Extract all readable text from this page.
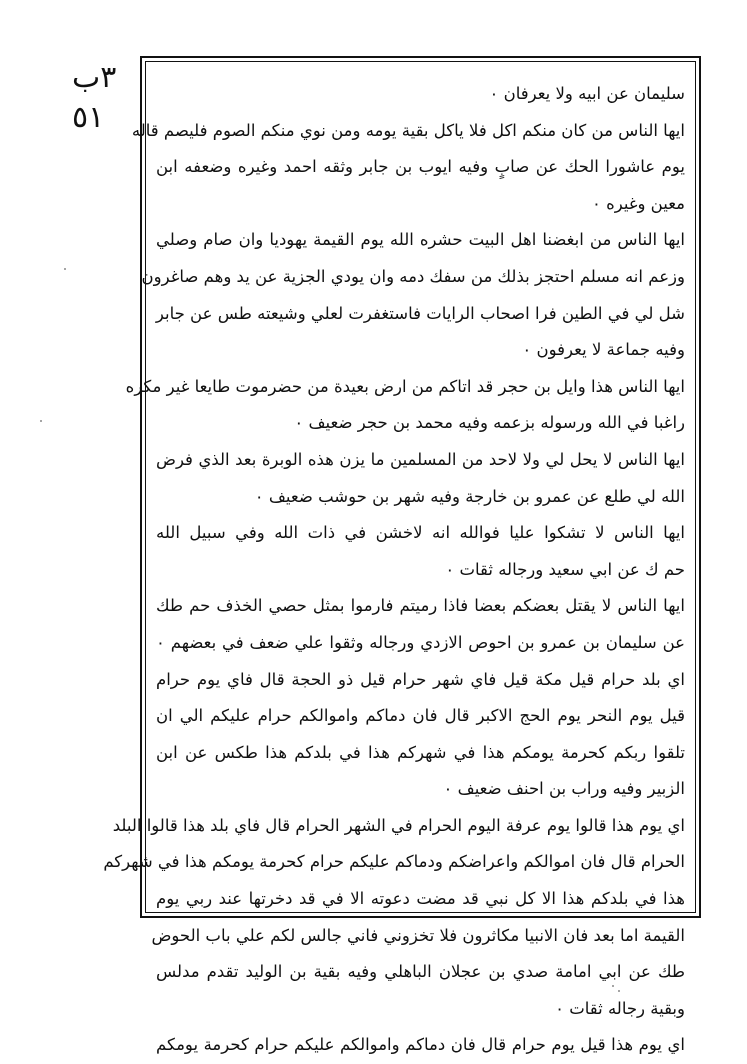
٣ب ٥١
سليمان عن ابيه ولا يعرفان ٠
ايها الناس من كان منكم اكل فلا ياكل بقية يومه ومن نوي منكم الصوم فليصم قاله
يوم عاشورا الحك عن صابٍ وفيه ايوب بن جابر وثقه احمد وغيره وضعفه ابن
معين وغيره ٠
ايها الناس من ابغضنا اهل البيت حشره الله يوم القيمة يهوديا وان صام وصلي
وزعم انه مسلم احتجز بذلك من سفك دمه وان يودي الجزية عن يد وهم صاغرون
شل لي في الطين فرا اصحاب الرايات فاستغفرت لعلي وشيعته طس عن جابر
وفيه جماعة لا يعرفون ٠
ايها الناس هذا وايل بن حجر قد اتاكم من ارض بعيدة من حضرموت طايعا غير مكره
راغبا في الله ورسوله بزعمه وفيه محمد بن حجر ضعيف ٠
ايها الناس لا يحل لي ولا لاحد من المسلمين ما يزن هذه الوبرة بعد الذي فرض
الله لي طلع عن عمرو بن خارجة وفيه شهر بن حوشب ضعيف ٠
ايها الناس لا تشكوا عليا فوالله انه لاخشن في ذات الله وفي سبيل الله
حم ك عن ابي سعيد ورجاله ثقات ٠
ايها الناس لا يقتل بعضكم بعضا فاذا رميتم فارموا بمثل حصي الخذف حم طك
عن سليمان بن عمرو بن احوص الازدي ورجاله وثقوا علي ضعف في بعضهم ٠
اي بلد حرام قيل مكة قيل فاي شهر حرام قيل ذو الحجة قال فاي يوم حرام
قيل يوم النحر يوم الحج الاكبر قال فان دماكم واموالكم حرام عليكم الي ان
تلقوا ربكم كحرمة يومكم هذا في شهركم هذا في بلدكم هذا طكس عن ابن
الزبير وفيه وراب بن احنف ضعيف ٠
اي يوم هذا قالوا يوم عرفة اليوم الحرام في الشهر الحرام قال فاي بلد هذا قالوا البلد
الحرام قال فان اموالكم واعراضكم ودماكم عليكم حرام كحرمة يومكم هذا في شهركم
هذا في بلدكم هذا الا كل نبي قد مضت دعوته الا في قد دخرتها عند ربي يوم
القيمة اما بعد فان الانبيا مكاثرون فلا تخزوني فاني جالس لكم علي باب الحوض
طك عن ابي امامة صدي بن عجلان الباهلي وفيه بقية بن الوليد تقدم مدلس
وبقية رجاله ثقات ٠
اي يوم هذا قيل يوم حرام قال فان دماكم واموالكم عليكم حرام كحرمة يومكم
